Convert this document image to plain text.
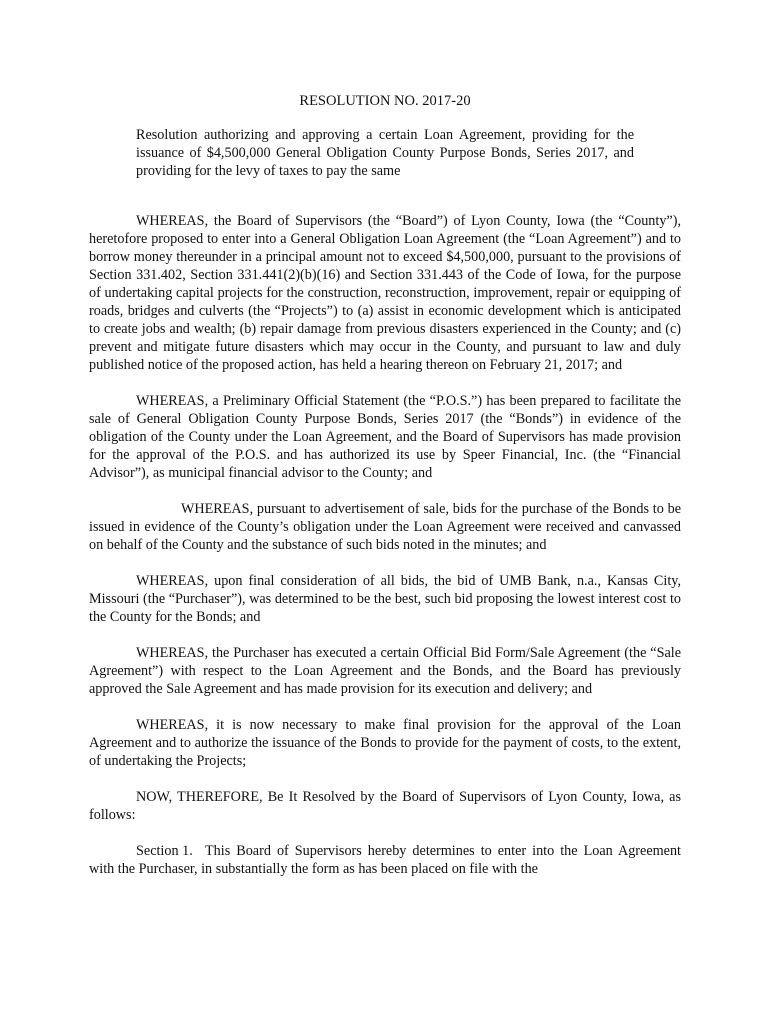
RESOLUTION NO. 2017-20
Resolution authorizing and approving a certain Loan Agreement, providing for the issuance of $4,500,000 General Obligation County Purpose Bonds, Series 2017, and providing for the levy of taxes to pay the same

WHEREAS, the Board of Supervisors (the “Board”) of Lyon County, Iowa (the “County”), heretofore proposed to enter into a General Obligation Loan Agreement (the “Loan Agreement”) and to borrow money thereunder in a principal amount not to exceed $4,500,000, pursuant to the provisions of Section 331.402, Section 331.441(2)(b)(16) and Section 331.443 of the Code of Iowa, for the purpose of undertaking capital projects for the construction, reconstruction, improvement, repair or equipping of roads, bridges and culverts (the “Projects”) to (a) assist in economic development which is anticipated to create jobs and wealth; (b) repair damage from previous disasters experienced in the County; and (c) prevent and mitigate future disasters which may occur in the County, and pursuant to law and duly published notice of the proposed action, has held a hearing thereon on February 21, 2017; and

WHEREAS, a Preliminary Official Statement (the “P.O.S.”) has been prepared to facilitate the sale of General Obligation County Purpose Bonds, Series 2017 (the “Bonds”) in evidence of the obligation of the County under the Loan Agreement, and the Board of Supervisors has made provision for the approval of the P.O.S. and has authorized its use by Speer Financial, Inc. (the “Financial Advisor”), as municipal financial advisor to the County; and

WHEREAS, pursuant to advertisement of sale, bids for the purchase of the Bonds to be issued in evidence of the County’s obligation under the Loan Agreement were received and canvassed on behalf of the County and the substance of such bids noted in the minutes; and

WHEREAS, upon final consideration of all bids, the bid of UMB Bank, n.a., Kansas City, Missouri (the “Purchaser”), was determined to be the best, such bid proposing the lowest interest cost to the County for the Bonds; and

WHEREAS, the Purchaser has executed a certain Official Bid Form/Sale Agreement (the “Sale Agreement”) with respect to the Loan Agreement and the Bonds, and the Board has previously approved the Sale Agreement and has made provision for its execution and delivery; and

WHEREAS, it is now necessary to make final provision for the approval of the Loan Agreement and to authorize the issuance of the Bonds to provide for the payment of costs, to the extent, of undertaking the Projects;

NOW, THEREFORE, Be It Resolved by the Board of Supervisors of Lyon County, Iowa, as follows:

Section 1. This Board of Supervisors hereby determines to enter into the Loan Agreement with the Purchaser, in substantially the form as has been placed on file with the
